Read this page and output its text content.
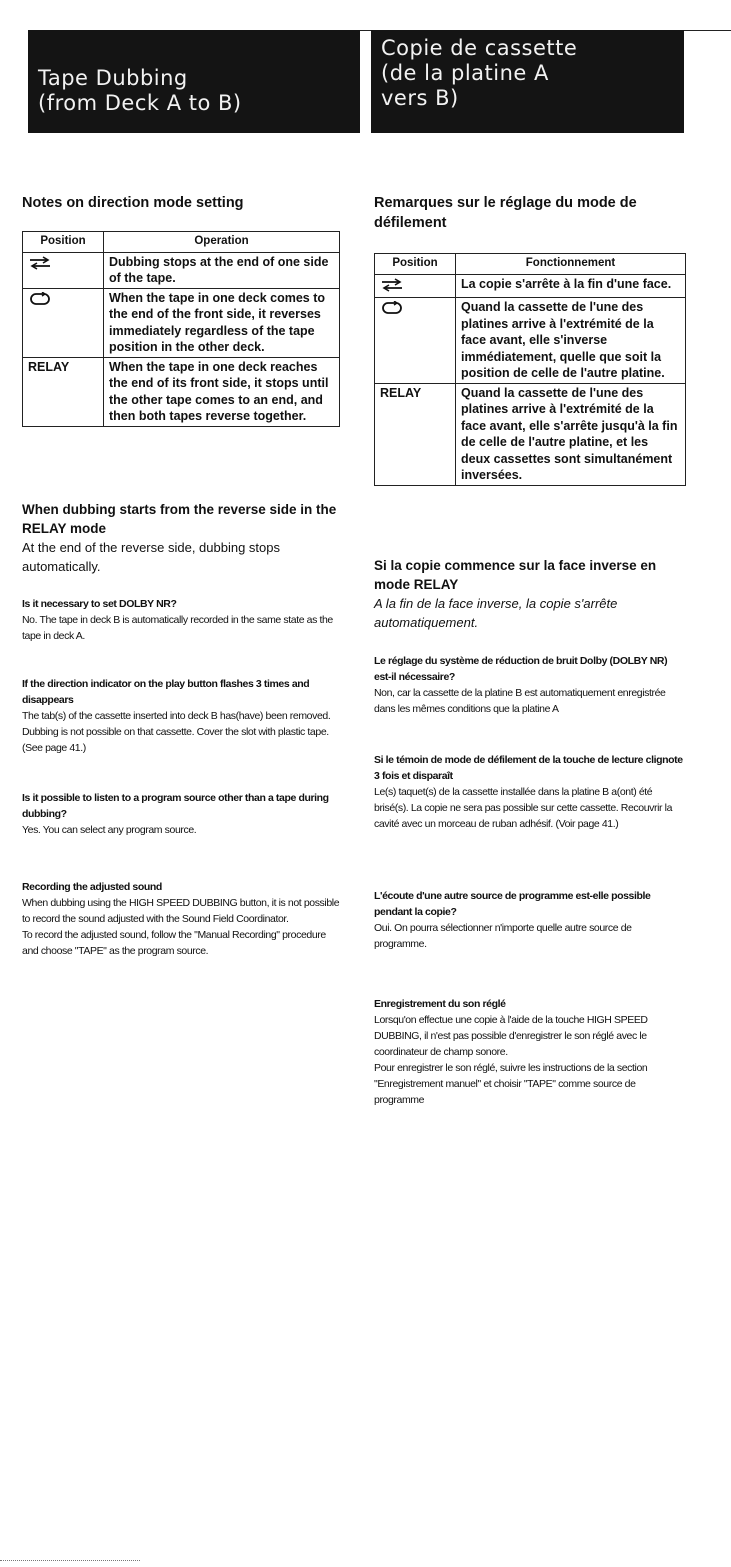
Tape Dubbing
(from Deck A to B)
Copie de cassette
(de la platine A
vers B)

Notes on direction mode setting

Position	Operation
	Dubbing stops at the end of one side of the tape.
	When the tape in one deck comes to the end of the front side, it reverses immediately regardless of the tape position in the other deck.
RELAY	When the tape in one deck reaches the end of its front side, it stops until the other tape comes to an end, and then both tapes reverse together.

When dubbing starts from the reverse side in the RELAY mode

At the end of the reverse side, dubbing stops automatically.

Is it necessary to set DOLBY NR?

No. The tape in deck B is automatically recorded in the same state as the tape in deck A.

If the direction indicator on the play button flashes 3 times and disappears

The tab(s) of the cassette inserted into deck B has(have) been removed. Dubbing is not possible on that cassette. Cover the slot with plastic tape. (See page 41.)

Is it possible to listen to a program source other than a tape during dubbing?

Yes. You can select any program source.

Recording the adjusted sound

When dubbing using the HIGH SPEED DUBBING button, it is not possible to record the sound adjusted with the Sound Field Coordinator.

To record the adjusted sound, follow the "Manual Recording" procedure and choose "TAPE" as the program source.

Remarques sur le réglage du mode de défilement

Position	Fonctionnement
	La copie s'arrête à la fin d'une face.
	Quand la cassette de l'une des platines arrive à l'extrémité de la face avant, elle s'inverse immédiatement, quelle que soit la position de celle de l'autre platine.
RELAY	Quand la cassette de l'une des platines arrive à l'extrémité de la face avant, elle s'arrête jusqu'à la fin de celle de l'autre platine, et les deux cassettes sont simultanément inversées.

Si la copie commence sur la face inverse en mode RELAY

A la fin de la face inverse, la copie s'arrête automatiquement.

Le réglage du système de réduction de bruit Dolby (DOLBY NR) est-il nécessaire?

Non, car la cassette de la platine B est automatiquement enregistrée dans les mêmes conditions que la platine A

Si le témoin de mode de défilement de la touche de lecture clignote 3 fois et disparaît

Le(s) taquet(s) de la cassette installée dans la platine B a(ont) été brisé(s). La copie ne sera pas possible sur cette cassette. Recouvrir la cavité avec un morceau de ruban adhésif. (Voir page 41.)

L'écoute d'une autre source de programme est-elle possible pendant la copie?

Oui. On pourra sélectionner n'importe quelle autre source de programme.

Enregistrement du son réglé

Lorsqu'on effectue une copie à l'aide de la touche HIGH SPEED DUBBING, il n'est pas possible d'enregistrer le son réglé avec le coordinateur de champ sonore.

Pour enregistrer le son réglé, suivre les instructions de la section "Enregistrement manuel" et choisir "TAPE" comme source de programme
